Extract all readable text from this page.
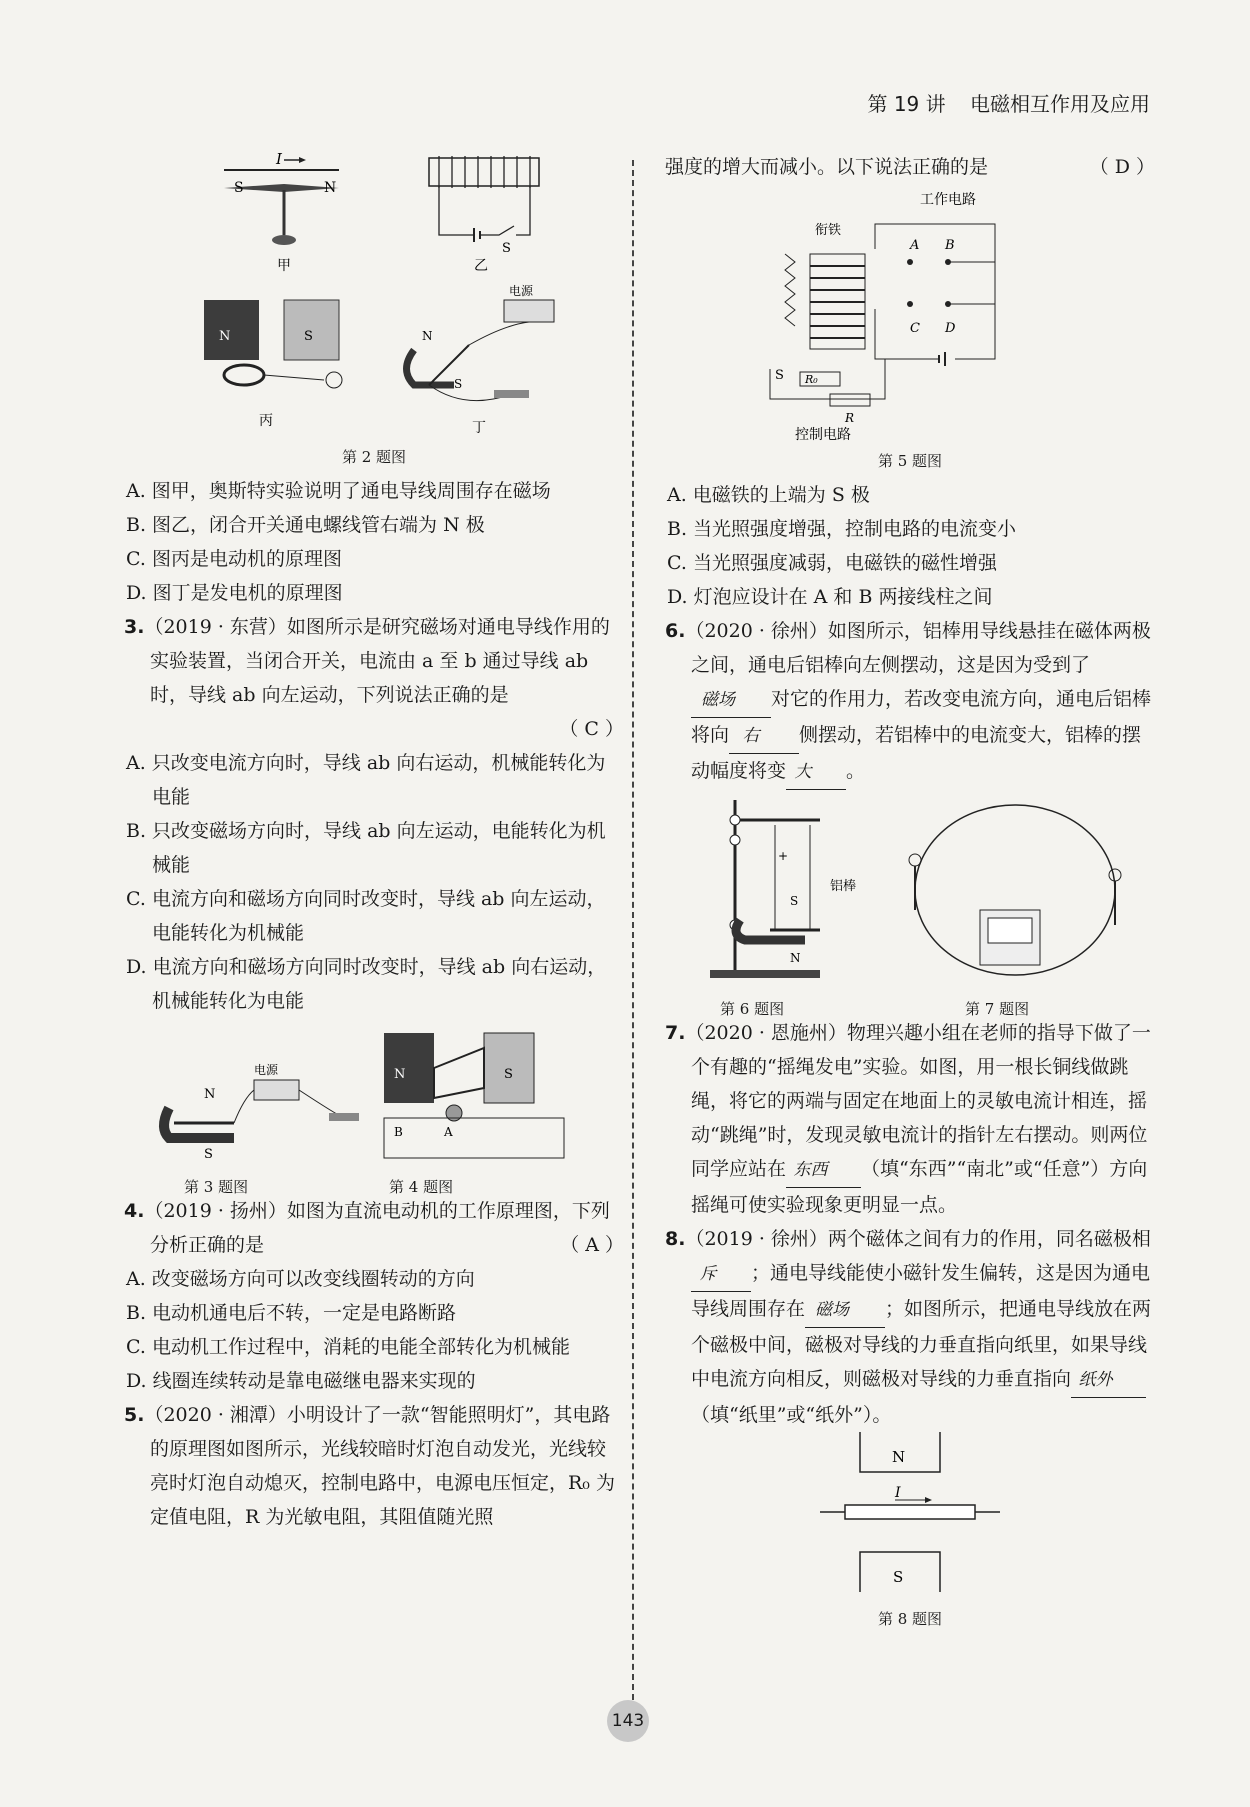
第 19 讲 电磁相互作用及应用
I
S	N
甲
S
乙
N	S
丙
电源
N
S
丁

第 2 题图

A. 图甲，奥斯特实验说明了通电导线周围存在磁场

B. 图乙，闭合开关通电螺线管右端为 N 极

C. 图丙是电动机的原理图

D. 图丁是发电机的原理图

3.（2019 · 东营）如图所示是研究磁场对通电导线作用的实验装置，当闭合开关，电流由 a 至 b 通过导线 ab 时，导线 ab 向左运动，下列说法正确的是

（ C ）

A. 只改变电流方向时，导线 ab 向右运动，机械能转化为电能

B. 只改变磁场方向时，导线 ab 向左运动，电能转化为机械能

C. 电流方向和磁场方向同时改变时，导线 ab 向左运动，电能转化为机械能

D. 电流方向和磁场方向同时改变时，导线 ab 向右运动，机械能转化为电能

电源
N
S
N	S
B	A
第 3 题图	第 4 题图

4.（2019 · 扬州）如图为直流电动机的工作原理图，下列分析正确的是	（ A ）

A. 改变磁场方向可以改变线圈转动的方向

B. 电动机通电后不转，一定是电路断路

C. 电动机工作过程中，消耗的电能全部转化为机械能

D. 线圈连续转动是靠电磁继电器来实现的

5.（2020 · 湘潭）小明设计了一款“智能照明灯”，其电路的原理图如图所示，光线较暗时灯泡自动发光，光线较亮时灯泡自动熄灭，控制电路中，电源电压恒定，R₀ 为定值电阻，R 为光敏电阻，其阻值随光照

强度的增大而减小。以下说法正确的是	（ D ）

工作电路
衔铁
A B
C D
R₀
R
S
控制电路

第 5 题图

A. 电磁铁的上端为 S 极

B. 当光照强度增强，控制电路的电流变小

C. 当光照强度减弱，电磁铁的磁性增强

D. 灯泡应设计在 A 和 B 两接线柱之间

6.（2020 · 徐州）如图所示，铝棒用导线悬挂在磁体两极之间，通电后铝棒向左侧摆动，这是因为受到了磁场 对它的作用力，若改变电流方向，通电后铝棒将向 右 侧摆动，若铝棒中的电流变大，铝棒的摆动幅度将变 大 。

+
S
N
铝棒
第 6 题图	第 7 题图

7.（2020 · 恩施州）物理兴趣小组在老师的指导下做了一个有趣的“摇绳发电”实验。如图，用一根长铜线做跳绳，将它的两端与固定在地面上的灵敏电流计相连，摇动“跳绳”时，发现灵敏电流计的指针左右摆动。则两位同学应站在 东西 （填“东西”“南北”或“任意”）方向摇绳可使实验现象更明显一点。

8.（2019 · 徐州）两个磁体之间有力的作用，同名磁极相斥 ；通电导线能使小磁针发生偏转，这是因为通电导线周围存在 磁场 ；如图所示，把通电导线放在两个磁极中间，磁极对导线的力垂直指向纸里，如果导线中电流方向相反，则磁极对导线的力垂直指向 纸外（填“纸里”或“纸外”）。

N
I
S

第 8 题图

143
